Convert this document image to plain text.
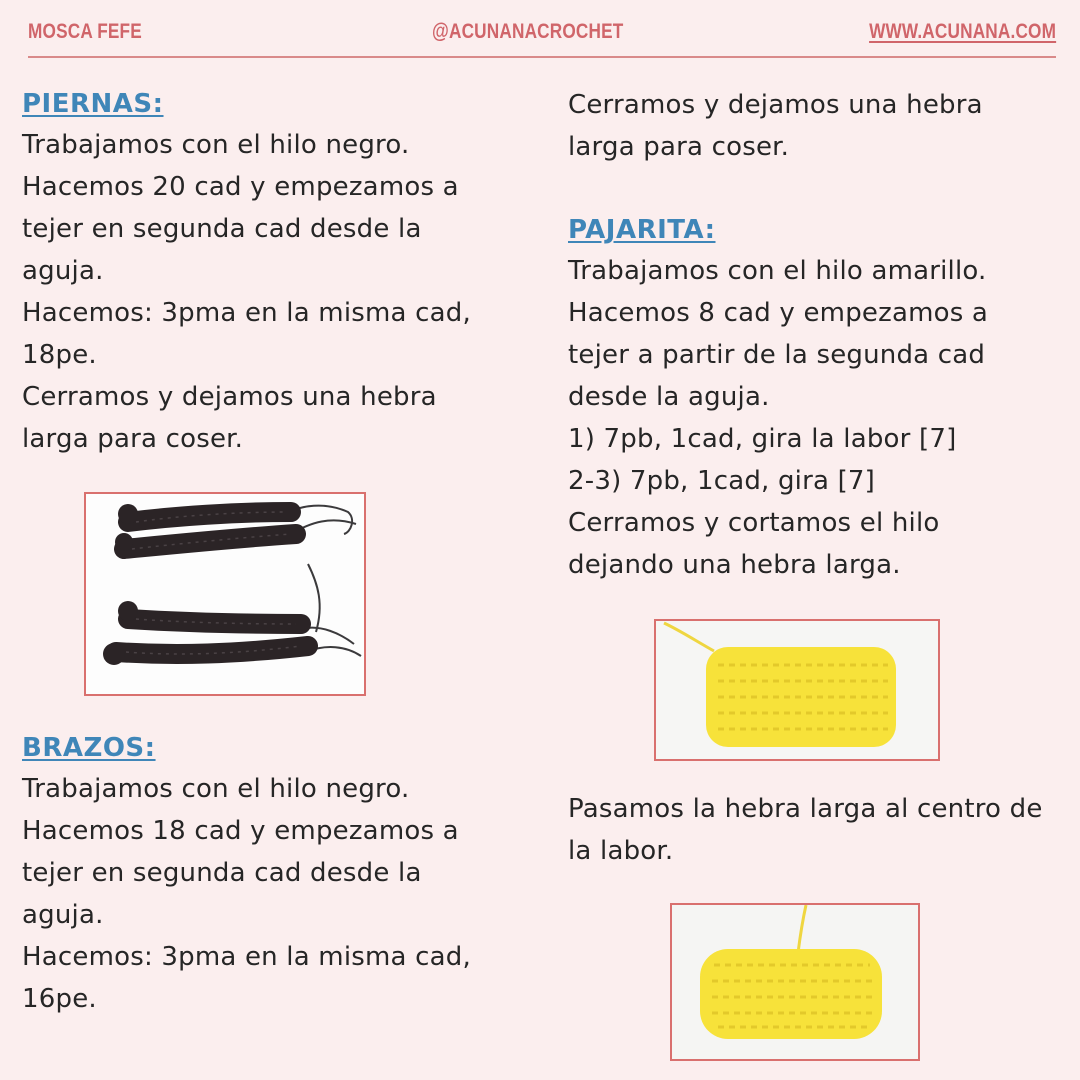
MOSCA FEFE	@ACUNANACROCHET	WWW.ACUNANA.COM
PIERNAS:
Trabajamos con el hilo negro.
Hacemos 20 cad y empezamos a
tejer en segunda cad desde la
aguja.
Hacemos: 3pma en la misma cad,
18pe.
Cerramos y dejamos una hebra
larga para coser.
BRAZOS:
Trabajamos con el hilo negro.
Hacemos 18 cad y empezamos a
tejer en segunda cad desde la
aguja.
Hacemos: 3pma en la misma cad,
16pe.
Cerramos y dejamos una hebra
larga para coser.
PAJARITA:
Trabajamos con el hilo amarillo.
Hacemos 8 cad y empezamos a
tejer a partir de la segunda cad
desde la aguja.
1) 7pb, 1cad, gira la labor [7]
2-3) 7pb, 1cad, gira [7]
Cerramos y cortamos el hilo
dejando una hebra larga.
Pasamos la hebra larga al centro de
la labor.
